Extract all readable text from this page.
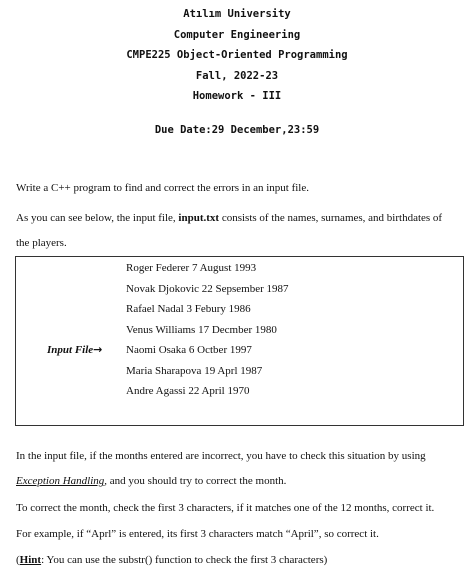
Atılım University
Computer Engineering
CMPE225 Object-Oriented Programming
Fall, 2022-23
Homework - III
Due Date:29 December,23:59
Write a C++ program to find and correct the errors in an input file.
As you can see below, the input file, input.txt consists of the names, surnames, and birthdates of
the players.
Input File→
Roger Federer 7 August 1993
Novak Djokovic 22 Sepsember 1987
Rafael Nadal 3 Febury 1986
Venus Williams 17 Decmber 1980
Naomi Osaka 6 Octber 1997
Maria Sharapova 19 Aprl 1987
Andre Agassi 22 April 1970
In the input file, if the months entered are incorrect, you have to check this situation by using
Exception Handling, and you should try to correct the month.
To correct the month, check the first 3 characters, if it matches one of the 12 months, correct it.
For example, if “Aprl” is entered, its first 3 characters match “April”, so correct it.
(Hint: You can use the substr() function to check the first 3 characters)
